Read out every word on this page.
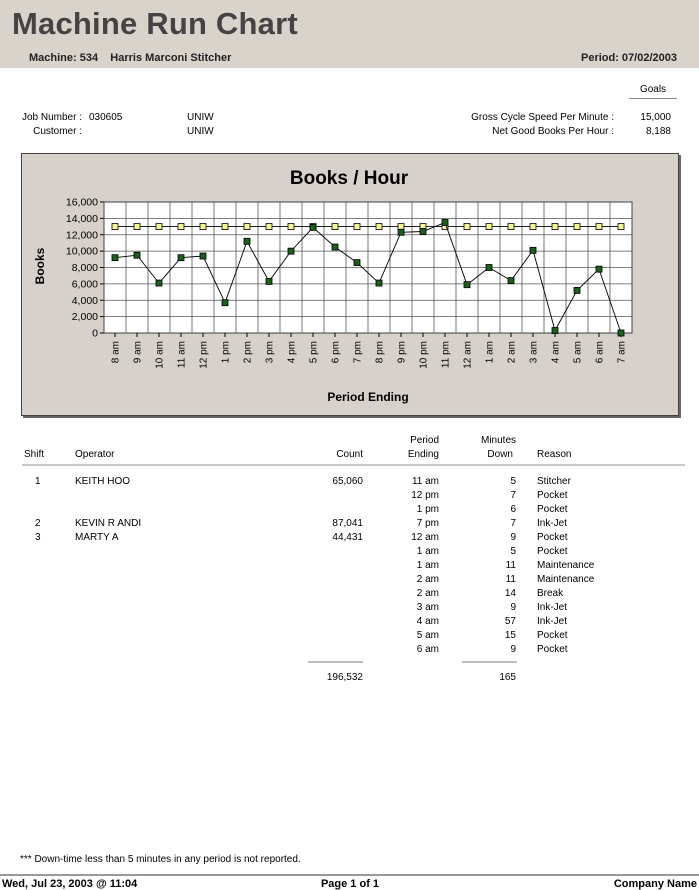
Machine Run Chart
Machine: 534    Harris Marconi Stitcher	Period: 07/02/2003
Goals
Job Number : 030605	UNIW
Customer :	UNIW
Gross Cycle Speed Per Minute :	15,000
Net Good Books Per Hour :	8,188
Books / Hour
Books
Period Ending
0
2,000
4,000
6,000
8,000
10,000
12,000
14,000
16,000
8 am 9 am 10 am 11 am 12 pm 1 pm 2 pm 3 pm 4 pm 5 pm 6 pm 7 pm 8 pm 9 pm 10 pm 11 pm 12 am 1 am 2 am 3 am 4 am 5 am 6 am 7 am
Shift	Operator	Count
Period
Ending
Minutes
Down Reason
1	KEITH HOO	65,060	11 am	5 Stitcher
12 pm	7 Pocket
1 pm	6 Pocket
2	KEVIN R ANDI	87,041	7 pm	7 Ink-Jet
3	MARTY A	44,431	12 am	9 Pocket
1 am	5 Pocket
1 am	11 Maintenance
2 am	11 Maintenance
2 am	14 Break
3 am	9 Ink-Jet
4 am	57 Ink-Jet
5 am	15 Pocket
6 am	9 Pocket
196,532	165
*** Down-time less than 5 minutes in any period is not reported.
Wed, Jul 23, 2003 @ 11:04	Page 1 of 1	Company Name
